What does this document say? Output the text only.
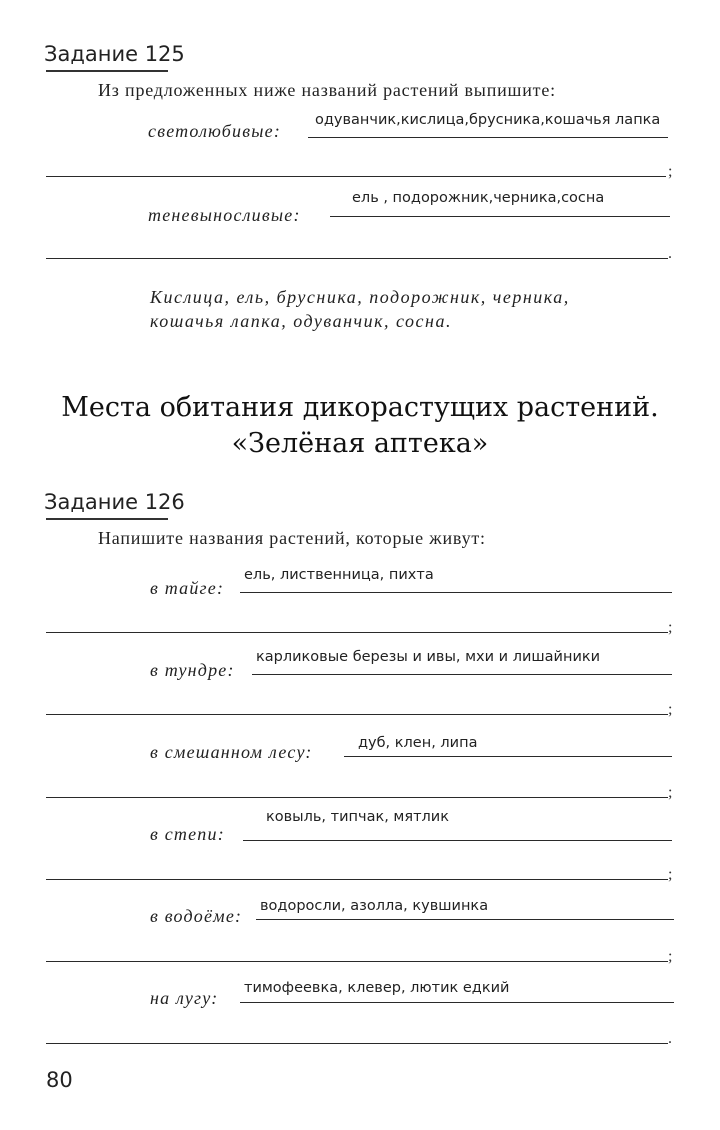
Задание 125
Из предложенных ниже названий растений выпишите:
светолюбивые:
одуванчик,кислица,брусника,кошачья лапка
;
теневыносливые:
ель , подорожник,черника,сосна
.
Кислица, ель, брусника, подорожник, черника,
кошачья лапка, одуванчик, сосна.
Места обитания дикорастущих растений.
«Зелёная аптека»
Задание 126
Напишите названия растений, которые живут:
в тайге:
ель, лиственница, пихта
;
в тундре:
карликовые березы и ивы, мхи и лишайники
;
в смешанном лесу:	дуб, клен, липа
;
в степи:
ковыль, типчак, мятлик
;
в водоёме: водоросли, азолла, кувшинка
;
на лугу: тимофеевка, клевер, лютик едкий
.
80
